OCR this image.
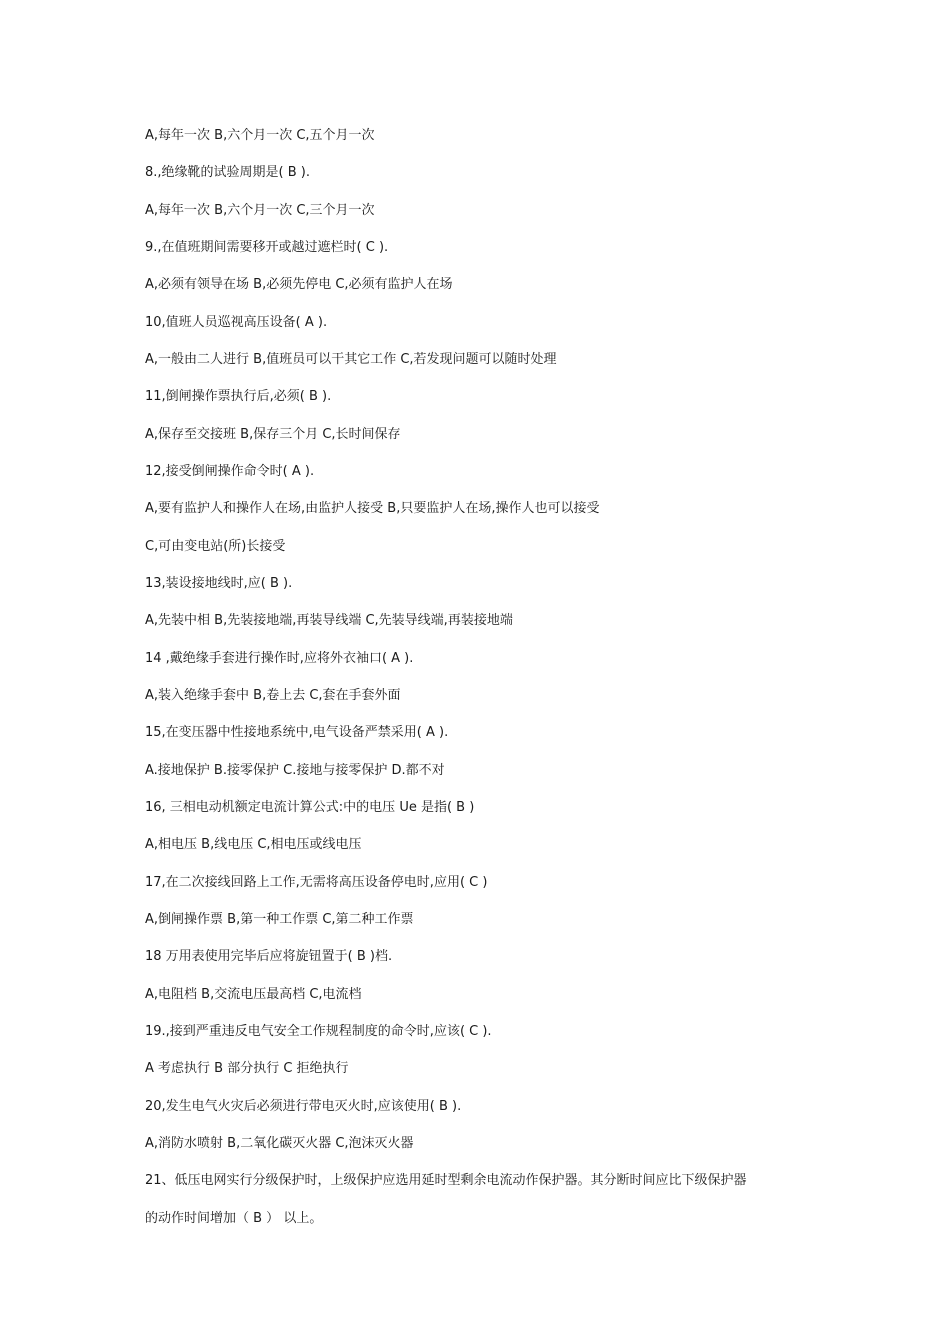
A,每年一次 B,六个月一次 C,五个月一次
8.,绝缘靴的试验周期是( B ).
A,每年一次 B,六个月一次 C,三个月一次
9.,在值班期间需要移开或越过遮栏时( C ).
A,必须有领导在场 B,必须先停电 C,必须有监护人在场
10,值班人员巡视高压设备( A ).
A,一般由二人进行 B,值班员可以干其它工作 C,若发现问题可以随时处理
11,倒闸操作票执行后,必须( B ).
A,保存至交接班 B,保存三个月 C,长时间保存
12,接受倒闸操作命令时( A ).
A,要有监护人和操作人在场,由监护人接受 B,只要监护人在场,操作人也可以接受
C,可由变电站(所)长接受
13,装设接地线时,应( B ).
A,先装中相 B,先装接地端,再装导线端 C,先装导线端,再装接地端
14 ,戴绝缘手套进行操作时,应将外衣袖口( A ).
A,装入绝缘手套中 B,卷上去 C,套在手套外面
15,在变压器中性接地系统中,电气设备严禁采用( A ).
A.接地保护 B.接零保护 C.接地与接零保护 D.都不对
16, 三相电动机额定电流计算公式:中的电压 Ue 是指( B )
A,相电压 B,线电压 C,相电压或线电压
17,在二次接线回路上工作,无需将高压设备停电时,应用( C )
A,倒闸操作票 B,第一种工作票 C,第二种工作票
18 万用表使用完毕后应将旋钮置于( B )档.
A,电阻档 B,交流电压最高档 C,电流档
19.,接到严重违反电气安全工作规程制度的命令时,应该( C ).
A 考虑执行 B 部分执行 C 拒绝执行
20,发生电气火灾后必须进行带电灭火时,应该使用( B ).
A,消防水喷射 B,二氧化碳灭火器 C,泡沫灭火器
21、低压电网实行分级保护时，上级保护应选用延时型剩余电流动作保护器。其分断时间应比下级保护器
的动作时间增加（ B ） 以上。
